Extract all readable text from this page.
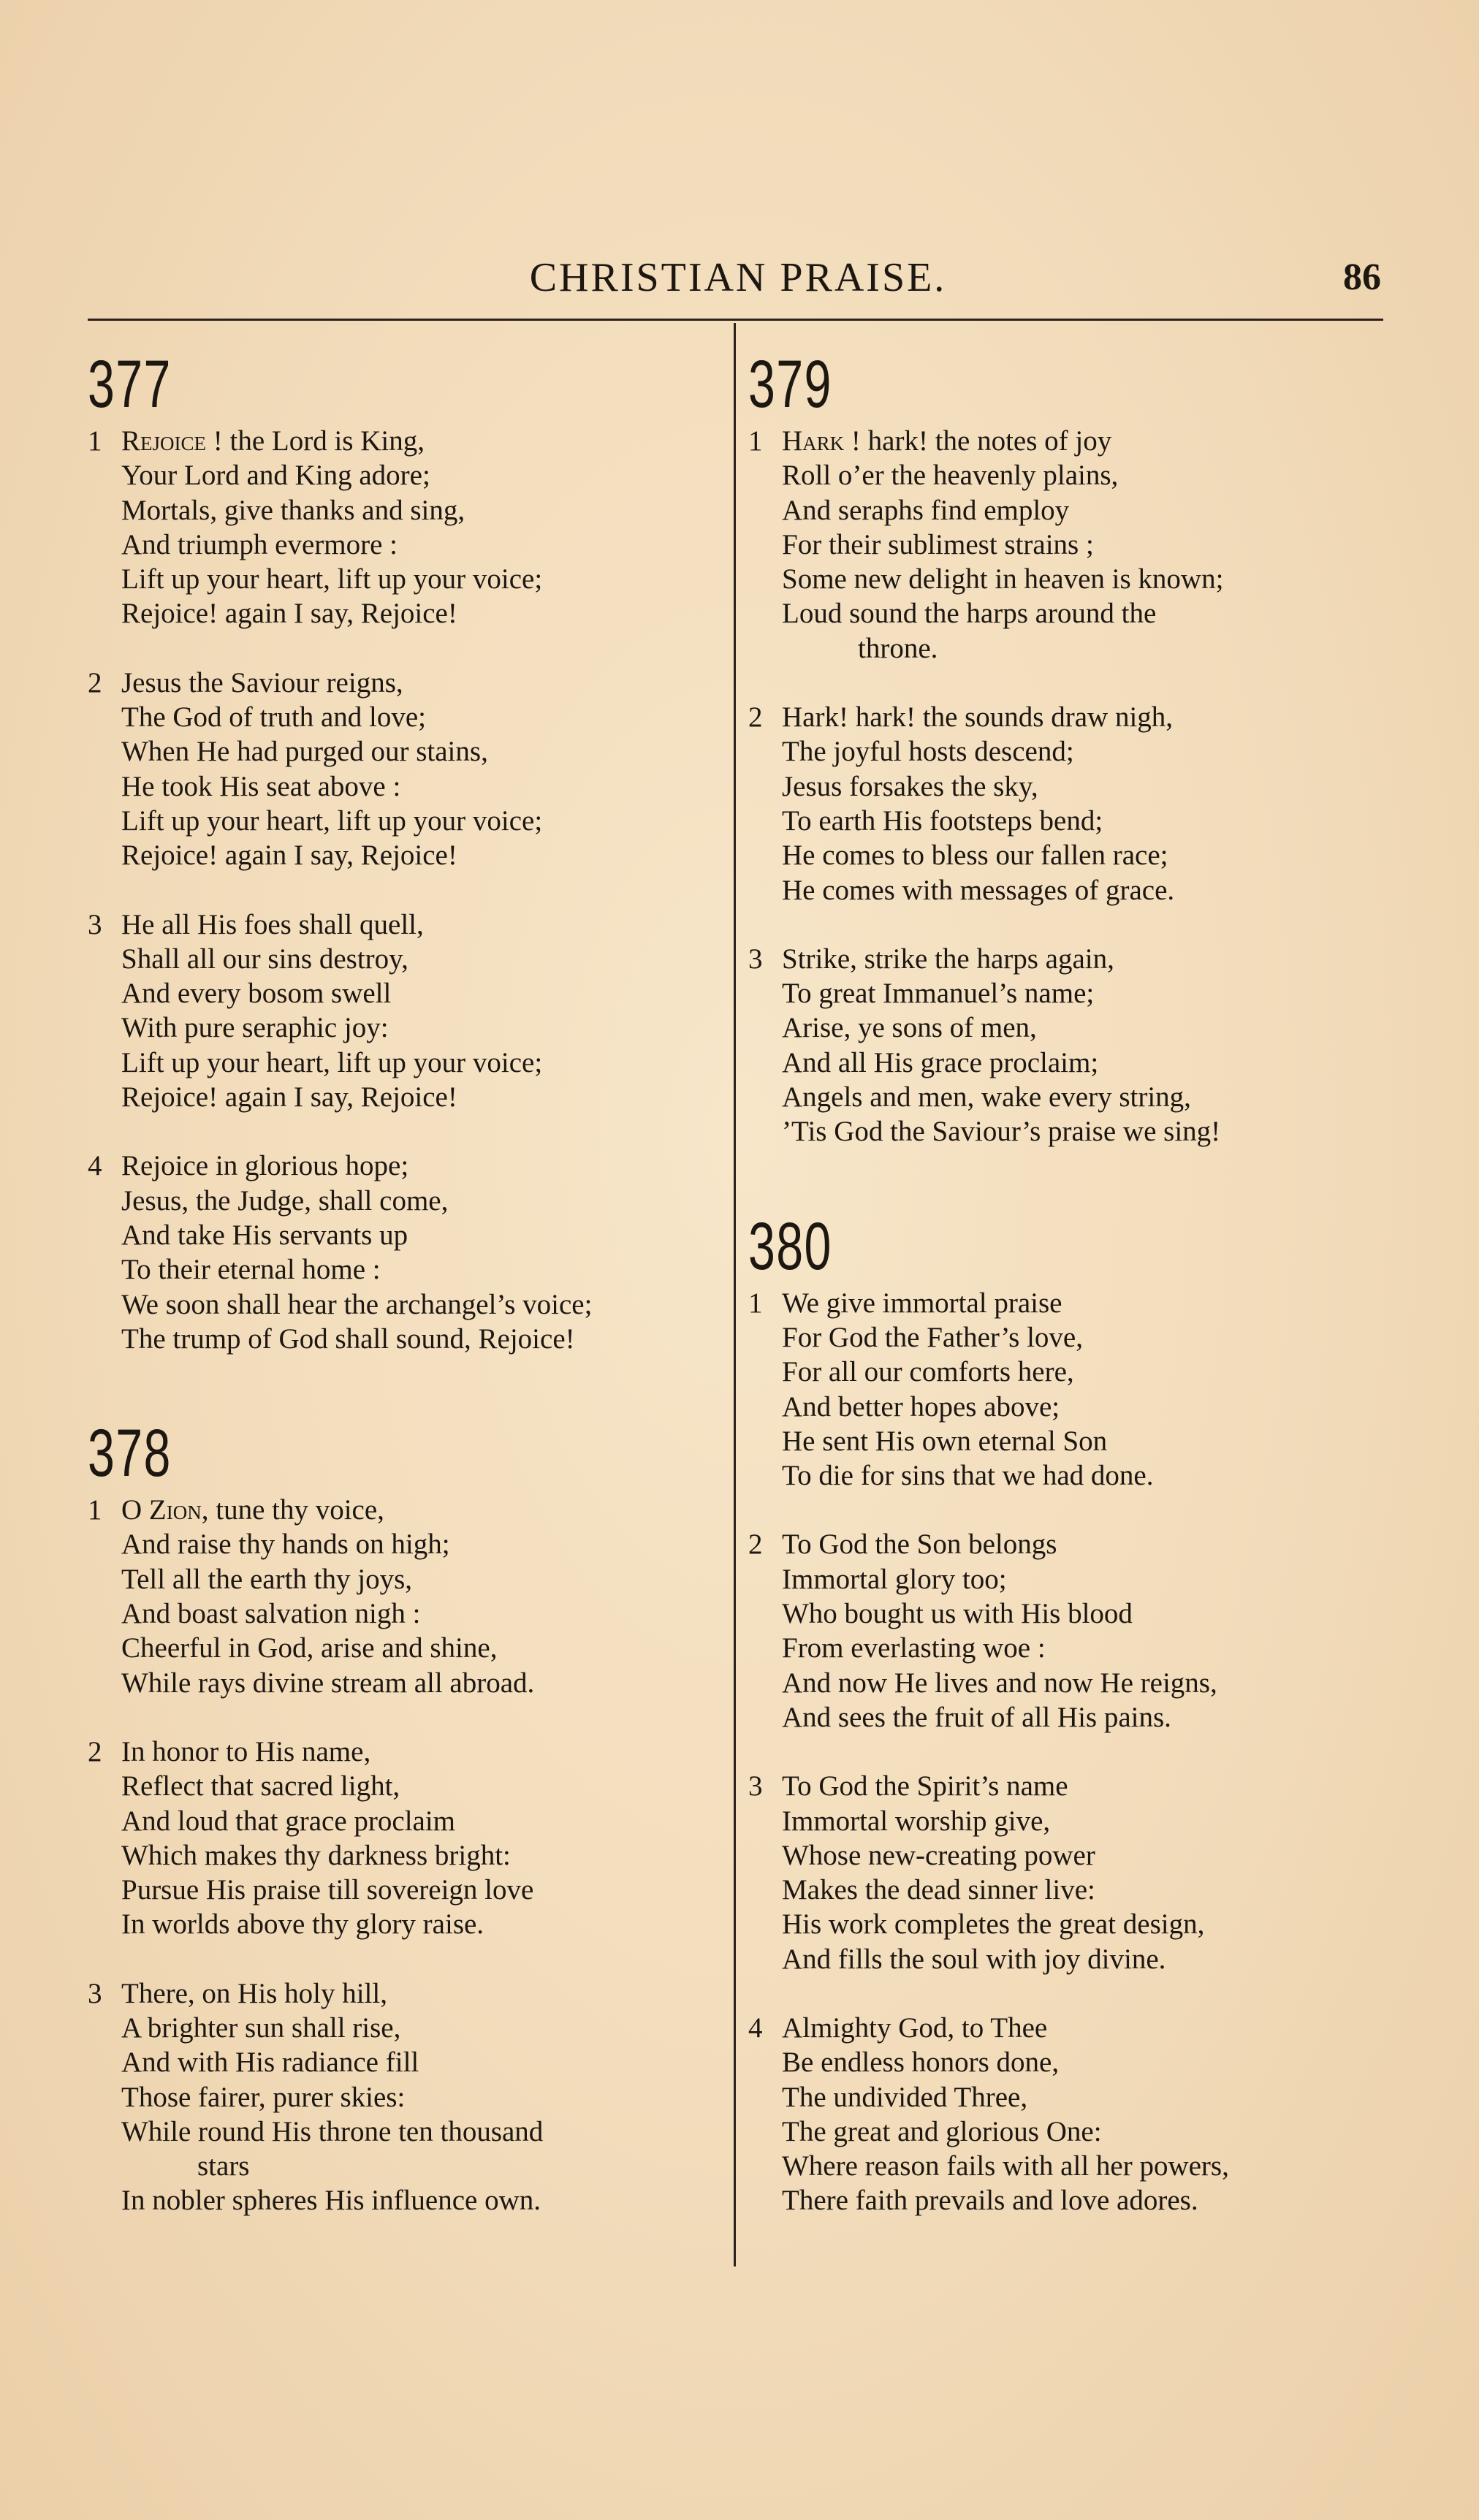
CHRISTIAN PRAISE.	86
377
1 Rejoice ! the Lord is King,
Your Lord and King adore;
Mortals, give thanks and sing,
And triumph evermore :
Lift up your heart, lift up your voice;
Rejoice! again I say, Rejoice!
2 Jesus the Saviour reigns,
The God of truth and love;
When He had purged our stains,
He took His seat above :
Lift up your heart, lift up your voice;
Rejoice! again I say, Rejoice!
3 He all His foes shall quell,
Shall all our sins destroy,
And every bosom swell
With pure seraphic joy:
Lift up your heart, lift up your voice;
Rejoice! again I say, Rejoice!
4 Rejoice in glorious hope;
Jesus, the Judge, shall come,
And take His servants up
To their eternal home :
We soon shall hear the archangel’s voice;
The trump of God shall sound, Rejoice!
378
1 O Zion, tune thy voice,
And raise thy hands on high;
Tell all the earth thy joys,
And boast salvation nigh :
Cheerful in God, arise and shine,
While rays divine stream all abroad.
2 In honor to His name,
Reflect that sacred light,
And loud that grace proclaim
Which makes thy darkness bright:
Pursue His praise till sovereign love
In worlds above thy glory raise.
3 There, on His holy hill,
A brighter sun shall rise,
And with His radiance fill
Those fairer, purer skies:
While round His throne ten thousand
stars
In nobler spheres His influence own.
379
1 Hark ! hark! the notes of joy
Roll o’er the heavenly plains,
And seraphs find employ
For their sublimest strains ;
Some new delight in heaven is known;
Loud sound the harps around the
throne.
2 Hark! hark! the sounds draw nigh,
The joyful hosts descend;
Jesus forsakes the sky,
To earth His footsteps bend;
He comes to bless our fallen race;
He comes with messages of grace.
3 Strike, strike the harps again,
To great Immanuel’s name;
Arise, ye sons of men,
And all His grace proclaim;
Angels and men, wake every string,
’Tis God the Saviour’s praise we sing!
380
1 We give immortal praise
For God the Father’s love,
For all our comforts here,
And better hopes above;
He sent His own eternal Son
To die for sins that we had done.
2 To God the Son belongs
Immortal glory too;
Who bought us with His blood
From everlasting woe :
And now He lives and now He reigns,
And sees the fruit of all His pains.
3 To God the Spirit’s name
Immortal worship give,
Whose new-creating power
Makes the dead sinner live:
His work completes the great design,
And fills the soul with joy divine.
4 Almighty God, to Thee
Be endless honors done,
The undivided Three,
The great and glorious One:
Where reason fails with all her powers,
There faith prevails and love adores.
